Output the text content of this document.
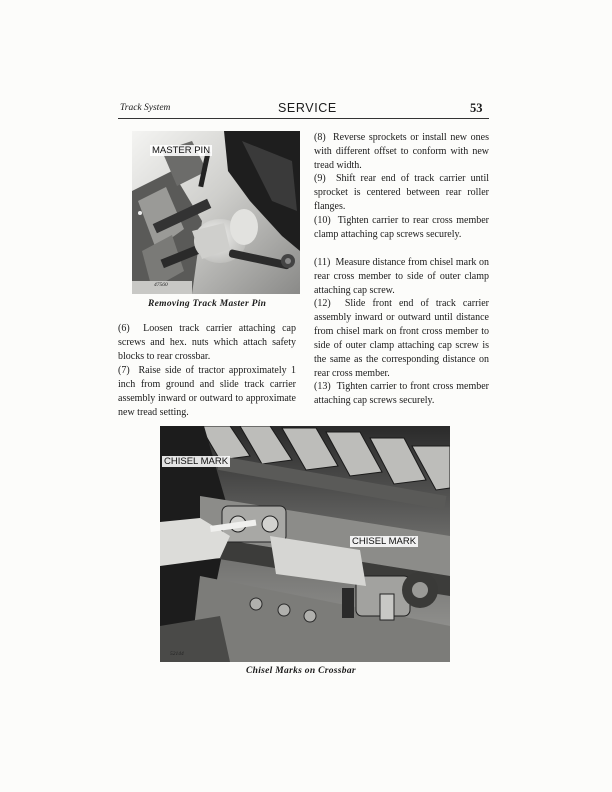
Track System	SERVICE	53
MASTER PIN
47560
Removing Track Master Pin

(6) Loosen track carrier attaching cap screws and hex. nuts which attach safety blocks to rear crossbar.

(7) Raise side of tractor approximately 1 inch from ground and slide track carrier assembly inward or outward to approximate new tread setting.

(8) Reverse sprockets or install new ones with different offset to conform with new tread width.

(9) Shift rear end of track carrier until sprocket is centered between rear roller flanges.

(10) Tighten carrier to rear cross member clamp attaching cap screws securely.

(11) Measure distance from chisel mark on rear cross member to side of outer clamp attaching cap screw.

(12) Slide front end of track carrier assembly inward or outward until distance from chisel mark on front cross member to side of outer clamp attaching cap screw is the same as the corresponding distance on rear cross member.

(13) Tighten carrier to front cross member attaching cap screws securely.

CHISEL MARK
CHISEL MARK
52144
Chisel Marks on Crossbar
